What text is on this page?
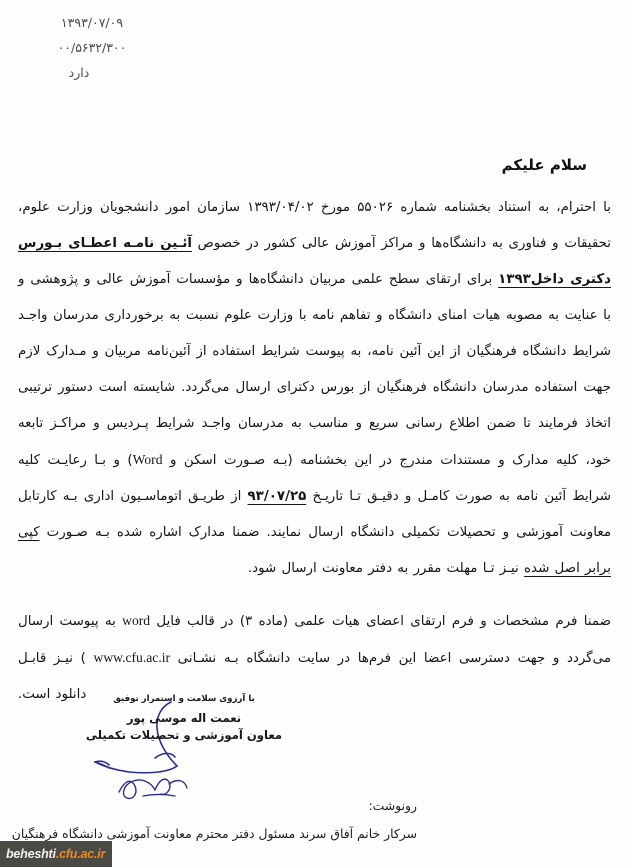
۱۳۹۳/۰۷/۰۹
۰۰/۵۶۳۲/۳۰۰
دارد
سلام علیکم

با احترام، به استناد بخشنامه شماره ۵۵۰۲۶ مورخ ۱۳۹۳/۰۴/۰۲ سازمان امور دانشجویان وزارت علوم، تحقیقات و فناوری به دانشگاه‌ها و مراکز آموزش عالی کشور در خصوص آئـین نامـه اعطـای بـورس دکتری داخل۱۳۹۳ برای ارتقای سطح علمی مربیان دانشگاه‌ها و مؤسسات آموزش عالی و پژوهشی و با عنایت به مصوبه هیات امنای دانشگاه و تفاهم نامه با وزارت علوم نسبت به برخورداری مدرسان واجـد شرایط دانشگاه فرهنگیان از این آئین نامه، به پیوست شرایط استفاده از آئین‌نامه مربیان و مـدارک لازم جهت استفاده مدرسان دانشگاه فرهنگیان از بورس دکترای ارسال می‌گردد. شایسته است دستور ترتیبی اتخاذ فرمایند تا ضمن اطلاع رسانی سریع و مناسب به مدرسان واجـد شرایط پـردیس و مراکـز تابعه خود، کلیه مدارک و مستندات مندرج در این بخشنامه (بـه صـورت اسکن و Word) و بـا رعایـت کلیه شرایط آئین نامه به صورت کامـل و دقیـق تـا تاریـخ ۹۳/۰۷/۲۵ از طریـق اتوماسـیون اداری بـه کارتابل معاونت آموزشی و تحصیلات تکمیلی دانشگاه ارسال نمایند. ضمنا مدارک اشاره شده بـه صـورت کپی برابر اصل شده نیـز تـا مهلت مقرر به دفتر معاونت ارسال شود.

ضمنا فرم مشخصات و فرم ارتقای اعضای هیات علمی (ماده ۳) در قالب فایل word به پیوست ارسال می‌گردد و جهت دسترسی اعضا این فرم‌ها در سایت دانشگاه بـه نشـانی www.cfu.ac.ir ) نیـز قابـل دانلود است.	با آرزوی سلامت و استمرار توفیق
نعمت اله موسی پور
معاون آموزشی و تحصیلات تکمیلی
رونوشت:
سرکار خانم آفاق سرند مسئول دفتر محترم معاونت آموزشی دانشگاه فرهنگیان
beheshti .cfu.ac.ir
